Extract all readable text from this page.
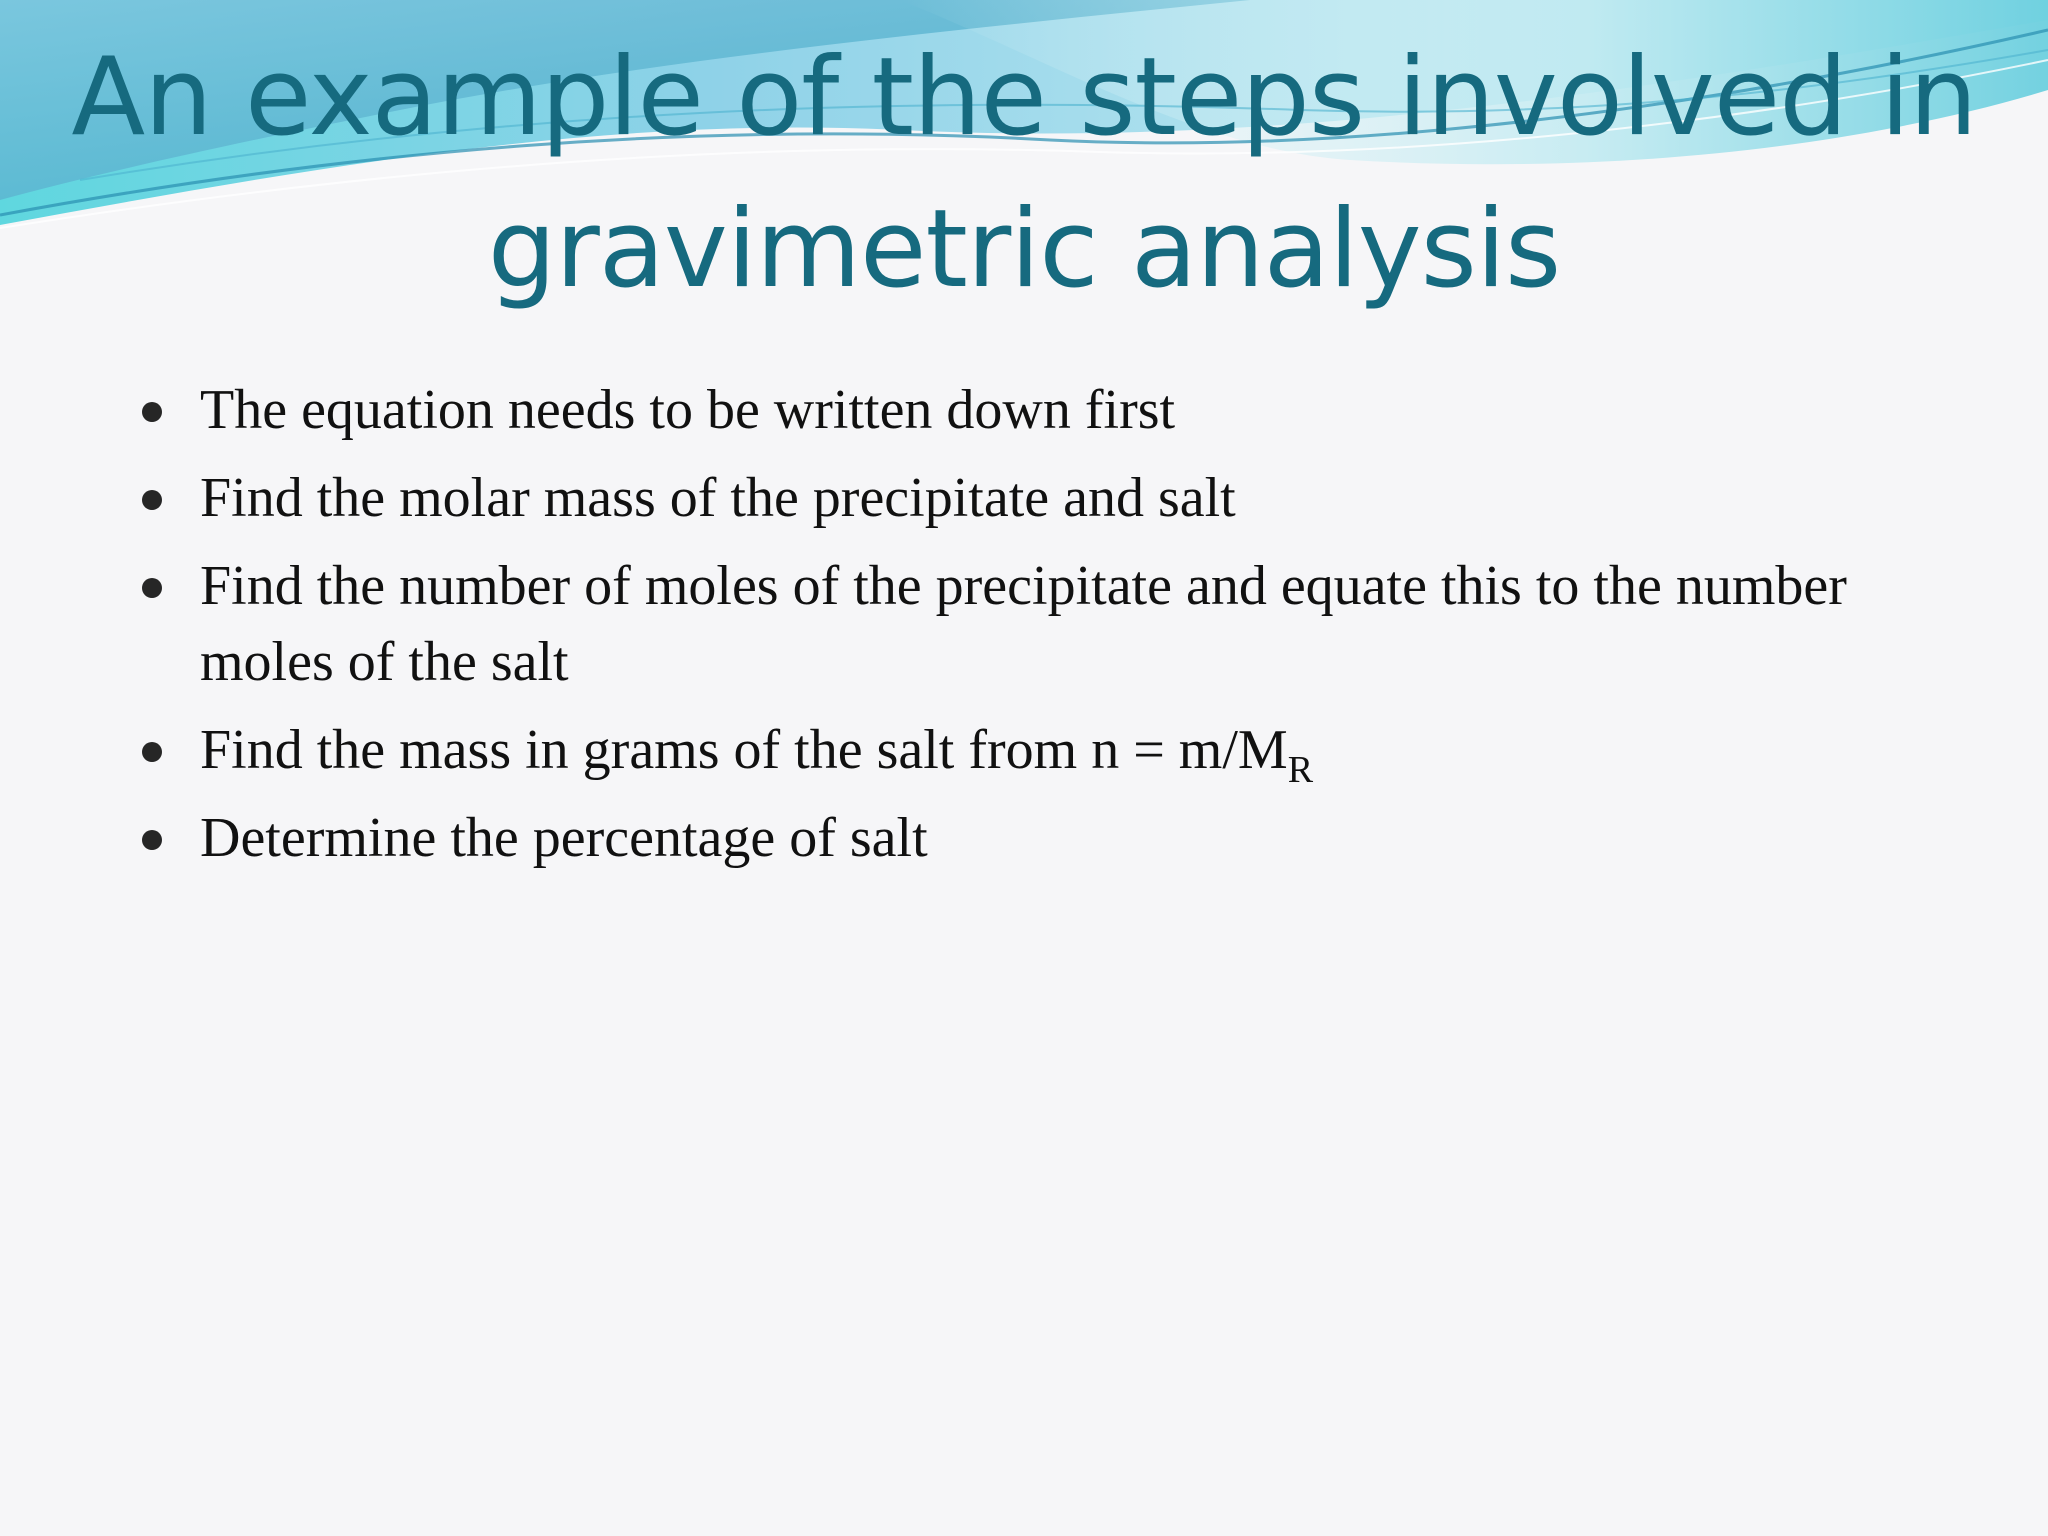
An example of the steps involved in gravimetric analysis
The equation needs to be written down first
Find the molar mass of the precipitate and salt
Find the number of moles of the precipitate and equate this to the number moles of the salt
Find the mass in grams of the salt from $n = m/M_R$
Determine the percentage of salt
